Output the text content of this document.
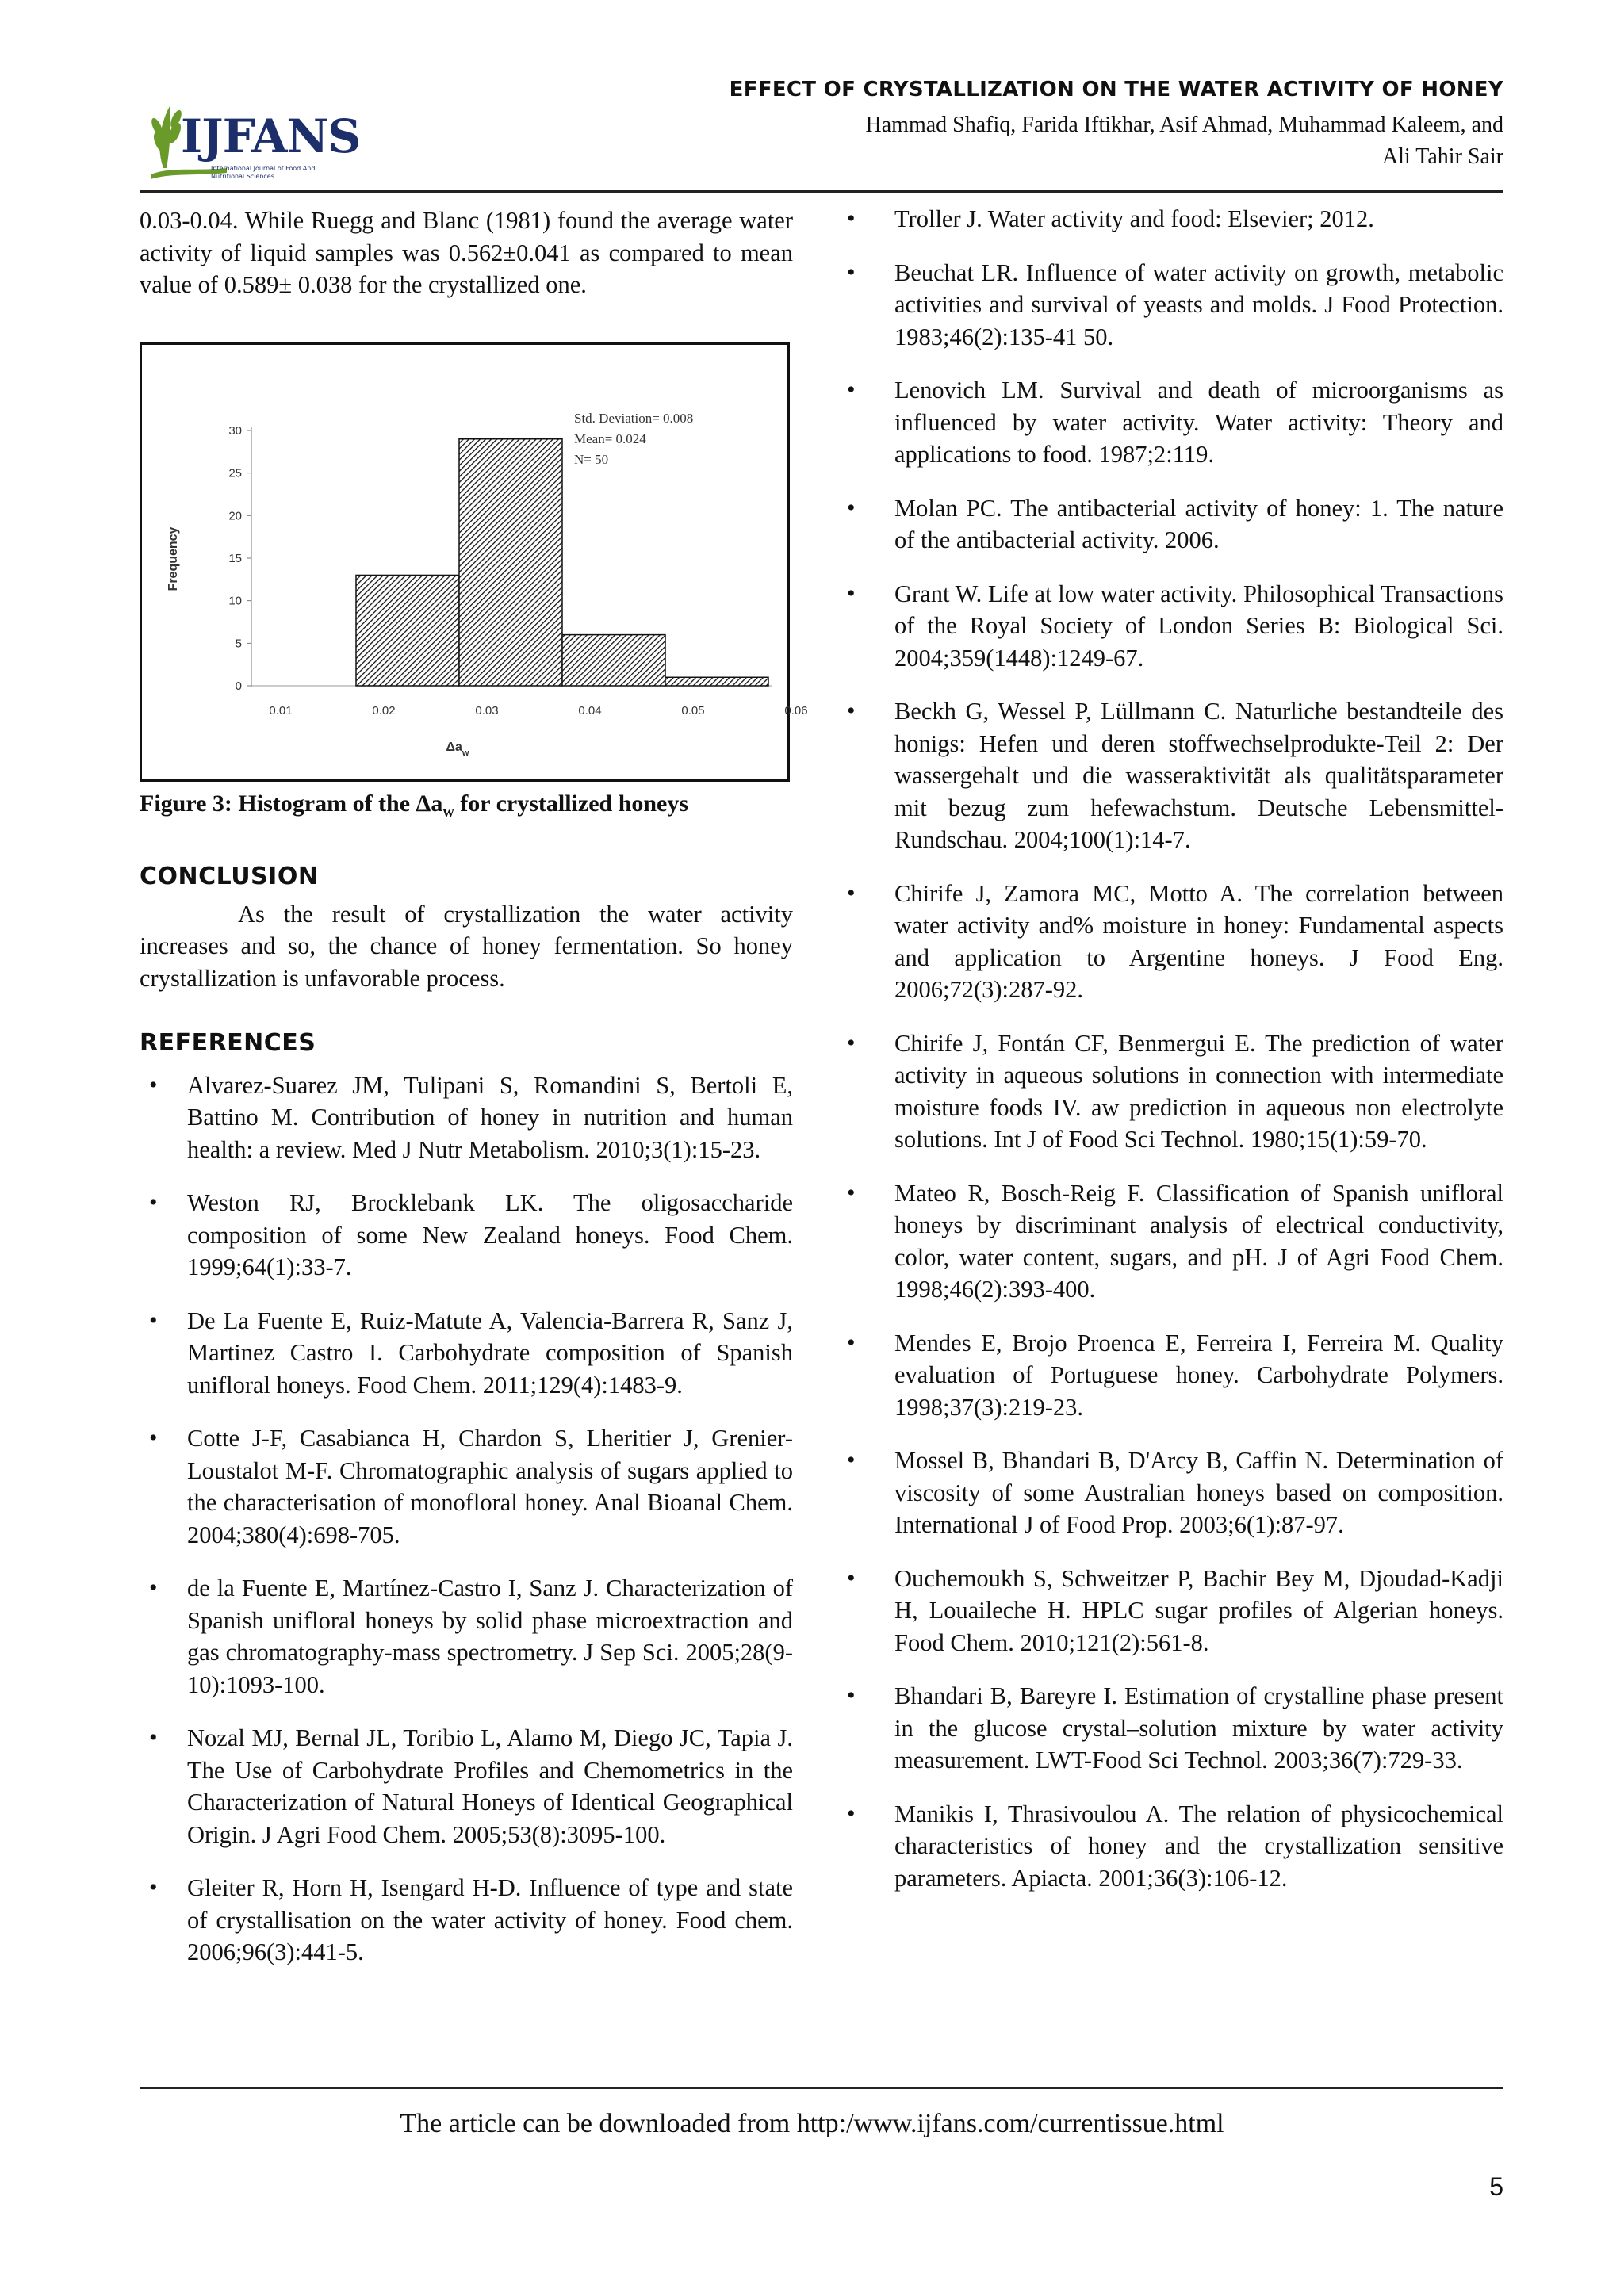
IJFANS
International Journal of Food And Nutritional Sciences
EFFECT OF CRYSTALLIZATION ON THE WATER ACTIVITY OF HONEY
Hammad Shafiq, Farida Iftikhar, Asif Ahmad, Muhammad Kaleem, and
Ali Tahir Sair

0.03-0.04. While Ruegg and Blanc (1981) found the average water activity of liquid samples was 0.562±0.041 as compared to mean value of 0.589± 0.038 for the crystallized one.

0
5
10
15
20
25
30
0.01	0.02	0.03	0.04	0.05	0.06
Frequency
$\Delta a_w$
Std. Deviation= 0.008
Mean= 0.024
N= 50
Figure 3: Histogram of the $\Delta a_w$ for crystallized honeys
CONCLUSION

As the result of crystallization the water activity increases and so, the chance of honey fermentation. So honey crystallization is unfavorable process.

REFERENCES
• Alvarez-Suarez JM, Tulipani S, Romandini S, Bertoli E, Battino M. Contribution of honey in nutrition and human health: a review. Med J Nutr Metabolism. 2010;3(1):15-23.
• Weston RJ, Brocklebank LK. The oligosaccharide composition of some New Zealand honeys. Food Chem. 1999;64(1):33-7.
• De La Fuente E, Ruiz-Matute A, Valencia-Barrera R, Sanz J, Martinez Castro I. Carbohydrate composition of Spanish unifloral honeys. Food Chem. 2011;129(4):1483-9.
• Cotte J-F, Casabianca H, Chardon S, Lheritier J, Grenier-Loustalot M-F. Chromatographic analysis of sugars applied to the characterisation of monofloral honey. Anal Bioanal Chem. 2004;380(4):698-705.
• de la Fuente E, Martínez-Castro I, Sanz J. Characterization of Spanish unifloral honeys by solid phase microextraction and gas chromatography-mass spectrometry. J Sep Sci. 2005;28(9-10):1093-100.
• Nozal MJ, Bernal JL, Toribio L, Alamo M, Diego JC, Tapia J. The Use of Carbohydrate Profiles and Chemometrics in the Characterization of Natural Honeys of Identical Geographical Origin. J Agri Food Chem. 2005;53(8):3095-100.
• Gleiter R, Horn H, Isengard H-D. Influence of type and state of crystallisation on the water activity of honey. Food chem. 2006;96(3):441-5.
• Troller J. Water activity and food: Elsevier; 2012.
• Beuchat LR. Influence of water activity on growth, metabolic activities and survival of yeasts and molds. J Food Protection. 1983;46(2):135-41 50.
• Lenovich LM. Survival and death of microorganisms as influenced by water activity. Water activity: Theory and applications to food. 1987;2:119.
• Molan PC. The antibacterial activity of honey: 1. The nature of the antibacterial activity. 2006.
• Grant W. Life at low water activity. Philosophical Transactions of the Royal Society of London Series B: Biological Sci. 2004;359(1448):1249-67.
• Beckh G, Wessel P, Lüllmann C. Naturliche bestandteile des honigs: Hefen und deren stoffwechselprodukte-Teil 2: Der wassergehalt und die wasseraktivität als qualitätsparameter mit bezug zum hefewachstum. Deutsche Lebensmittel-Rundschau. 2004;100(1):14-7.
• Chirife J, Zamora MC, Motto A. The correlation between water activity and% moisture in honey: Fundamental aspects and application to Argentine honeys. J Food Eng. 2006;72(3):287-92.
• Chirife J, Fontán CF, Benmergui E. The prediction of water activity in aqueous solutions in connection with intermediate moisture foods IV. aw prediction in aqueous non electrolyte solutions. Int J of Food Sci Technol. 1980;15(1):59-70.
• Mateo R, Bosch-Reig F. Classification of Spanish unifloral honeys by discriminant analysis of electrical conductivity, color, water content, sugars, and pH. J of Agri Food Chem. 1998;46(2):393-400.
• Mendes E, Brojo Proenca E, Ferreira I, Ferreira M. Quality evaluation of Portuguese honey. Carbohydrate Polymers. 1998;37(3):219-23.
• Mossel B, Bhandari B, D'Arcy B, Caffin N. Determination of viscosity of some Australian honeys based on composition. International J of Food Prop. 2003;6(1):87-97.
• Ouchemoukh S, Schweitzer P, Bachir Bey M, Djoudad-Kadji H, Louaileche H. HPLC sugar profiles of Algerian honeys. Food Chem. 2010;121(2):561-8.
• Bhandari B, Bareyre I. Estimation of crystalline phase present in the glucose crystal–solution mixture by water activity measurement. LWT-Food Sci Technol. 2003;36(7):729-33.
• Manikis I, Thrasivoulou A. The relation of physicochemical characteristics of honey and the crystallization sensitive parameters. Apiacta. 2001;36(3):106-12.
The article can be downloaded from http:/www.ijfans.com/currentissue.html
5
